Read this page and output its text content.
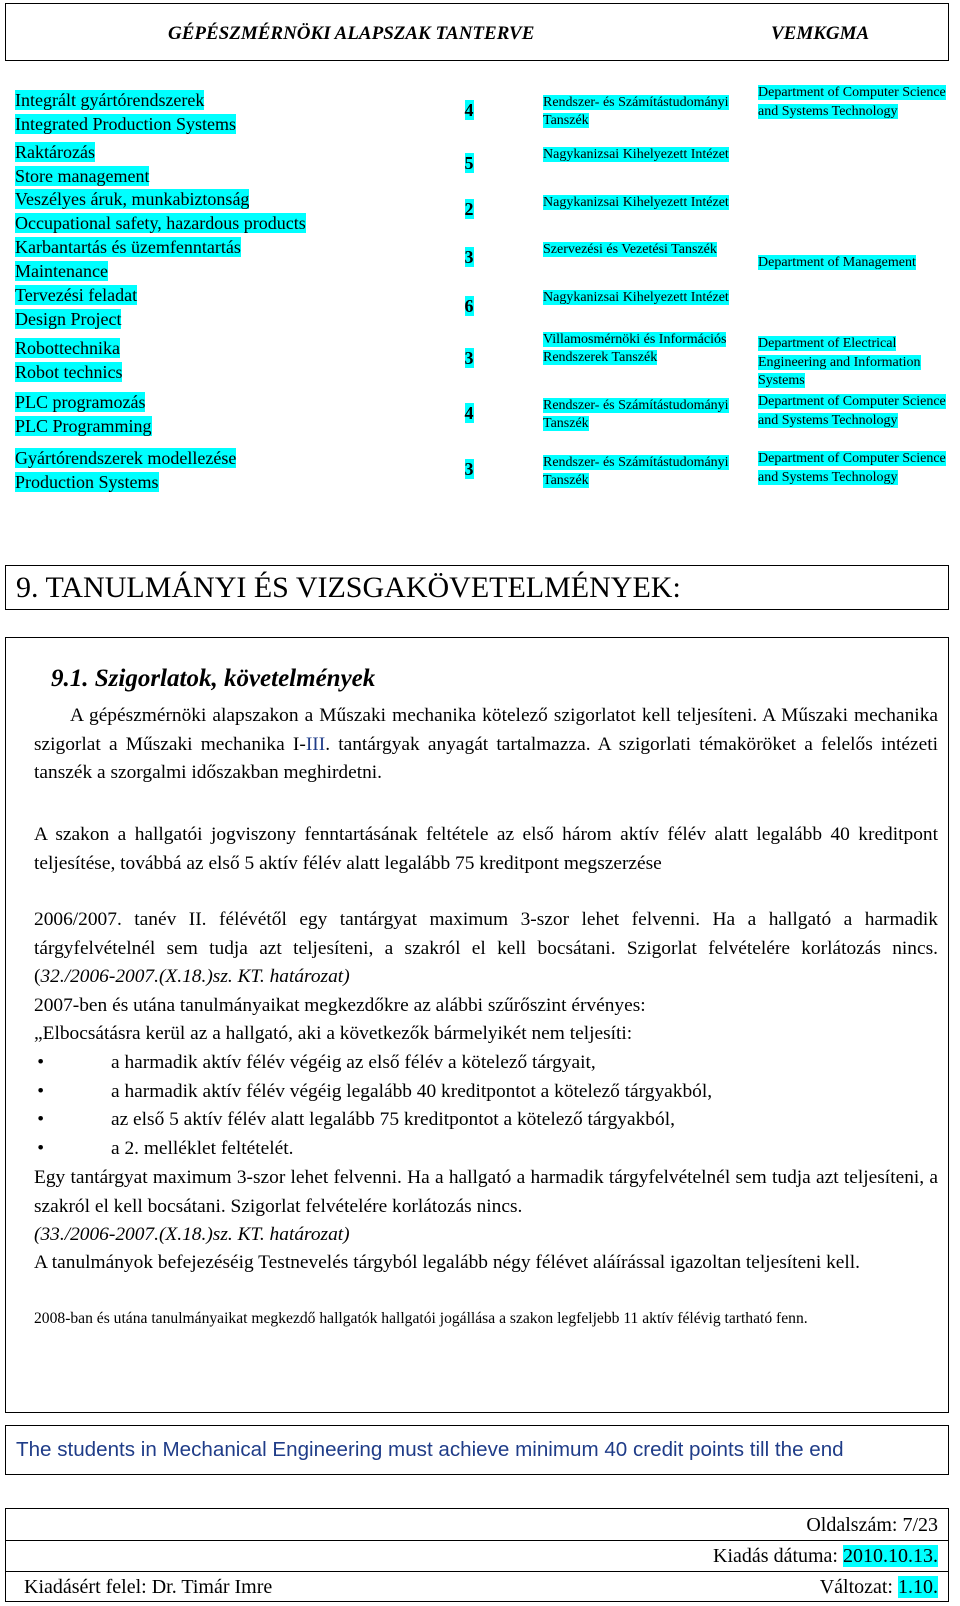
GÉPÉSZMÉRNÖKI ALAPSZAK TANTERVE	VEMKGMA
Integrált gyártórendszerek
Integrated Production Systems
4	Rendszer- és Számítástudományi Tanszék
Department of Computer Science and Systems Technology
Raktározás
Store management
5	Nagykanizsai Kihelyezett Intézet
Veszélyes áruk, munkabiztonság
Occupational safety, hazardous products
2	Nagykanizsai Kihelyezett Intézet
Karbantartás és üzemfenntartás
Maintenance
3	Szervezési és Vezetési Tanszék
Department of Management
Tervezési feladat
Design Project
6	Nagykanizsai Kihelyezett Intézet
Robottechnika
Robot technics
3
Villamosmérnöki és Információs Rendszerek Tanszék
Department of Electrical Engineering and Information Systems
PLC programozás
PLC Programming
4	Rendszer- és Számítástudományi Tanszék
Department of Computer Science and Systems Technology
Gyártórendszerek modellezése
Production Systems
3	Rendszer- és Számítástudományi Tanszék
Department of Computer Science and Systems Technology
9. TANULMÁNYI ÉS VIZSGAKÖVETELMÉNYEK:
9.1. Szigorlatok, követelmények
A gépészmérnöki alapszakon a Műszaki mechanika kötelező szigorlatot kell teljesíteni. A Műszaki mechanika szigorlat a Műszaki mechanika I-III. tantárgyak anyagát tartalmazza. A szigorlati témaköröket a felelős intézeti tanszék a szorgalmi időszakban meghirdetni.
A szakon a hallgatói jogviszony fenntartásának feltétele az első három aktív félév alatt legalább 40 kreditpont teljesítése, továbbá az első 5 aktív félév alatt legalább 75 kreditpont megszerzése
2006/2007. tanév II. félévétől egy tantárgyat maximum 3-szor lehet felvenni. Ha a hallgató a harmadik tárgyfelvételnél sem tudja azt teljesíteni, a szakról el kell bocsátani. Szigorlat felvételére korlátozás nincs. (32./2006-2007.(X.18.)sz. KT. határozat)
2007-ben és utána tanulmányaikat megkezdőkre az alábbi szűrőszint érvényes:
„Elbocsátásra kerül az a hallgató, aki a következők bármelyikét nem teljesíti:
• a harmadik aktív félév végéig az első félév a kötelező tárgyait,
• a harmadik aktív félév végéig legalább 40 kreditpontot a kötelező tárgyakból,
• az első 5 aktív félév alatt legalább 75 kreditpontot a kötelező tárgyakból,
• a 2. melléklet feltételét.
Egy tantárgyat maximum 3-szor lehet felvenni. Ha a hallgató a harmadik tárgyfelvételnél sem tudja azt teljesíteni, a szakról el kell bocsátani. Szigorlat felvételére korlátozás nincs.
(33./2006-2007.(X.18.)sz. KT. határozat)
A tanulmányok befejezéséig Testnevelés tárgyból legalább négy félévet aláírással igazoltan teljesíteni kell.
2008-ban és utána tanulmányaikat megkezdő hallgatók hallgatói jogállása a szakon legfeljebb 11 aktív félévig tartható fenn.
The students in Mechanical Engineering must achieve minimum 40 credit points till the end
Oldalszám: 7/23
Kiadás dátuma: 2010.10.13.
Kiadásért felel: Dr. Timár Imre	Változat: 1.10.
